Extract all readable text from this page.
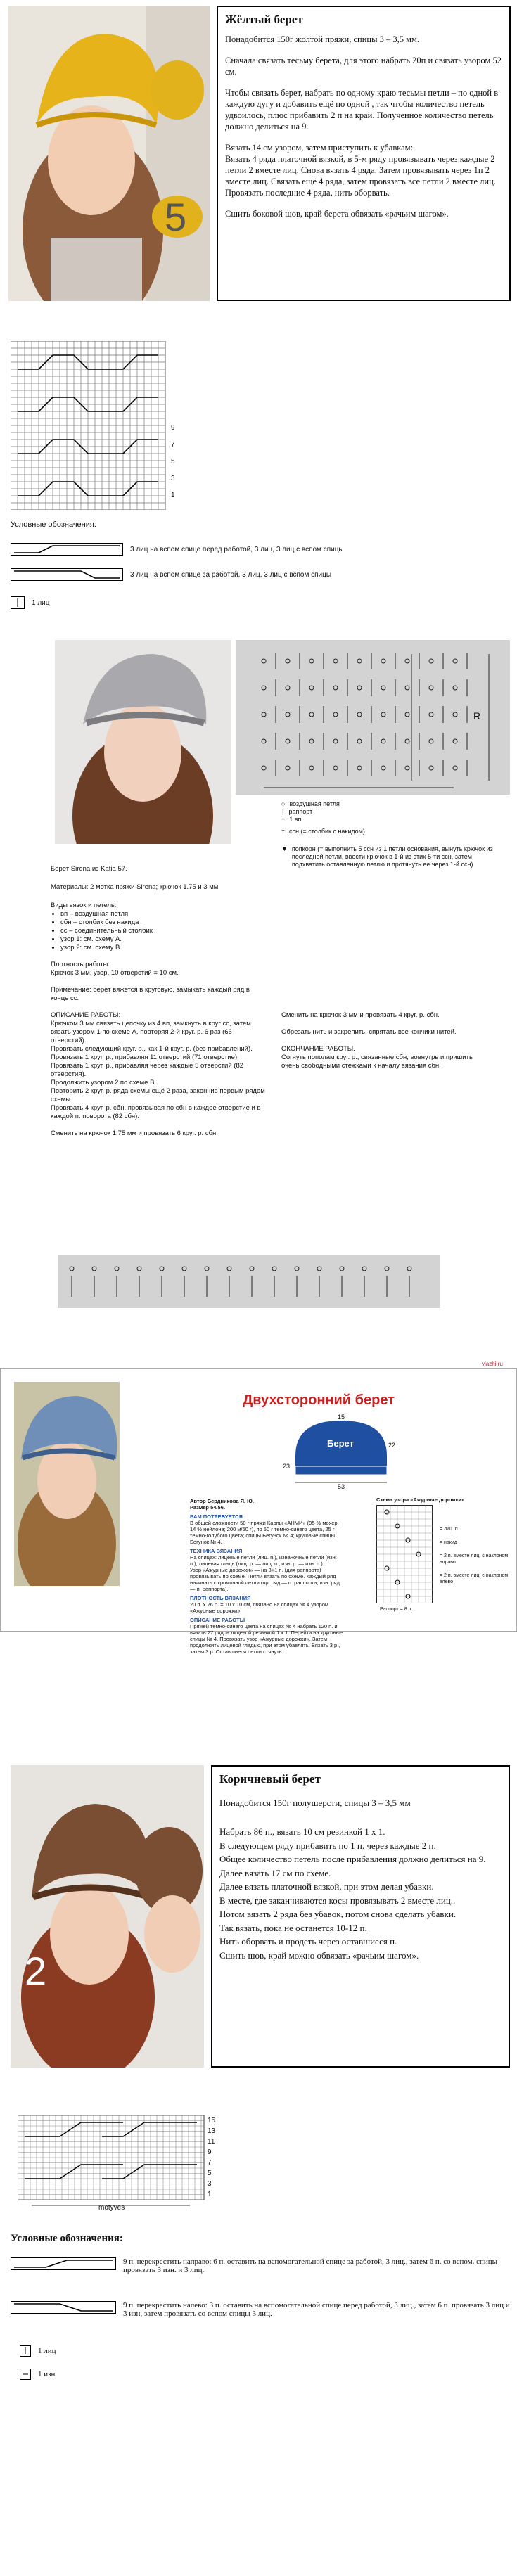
5
Жёлтый берет
Понадобится 150г жолтой пряжи, спицы 3 – 3,5 мм.
Сначала связать тесьму берета, для этого набрать 20п и связать узором 52 см.
Чтобы связать берет, набрать по одному краю тесьмы петли – по одной в каждую дугу и добавить ещё по одной , так чтобы количество петель удвоилось, плюс прибавить 2 п на край. Полученное количество петель должно делиться на 9.
Вязать 14 см узором, затем приступить к убавкам:
Вязать 4 ряда платочной вязкой, в 5-м ряду провязывать через каждые 2 петли 2 вместе лиц. Снова вязать 4 ряда. Затем провязывать через 1п 2 вместе лиц. Связать ещё 4 ряда, затем провязать все петли 2 вместе лиц. Провязать последние 4 ряда, нить оборвать.
Сшить боковой шов, край берета обвязать «рачьим шагом».
9
7
5
3
1
Условные обозначения:
3 лиц на вспом спице перед работой, 3 лиц, 3 лиц с вспом спицы
3 лиц на вспом спице за работой, 3 лиц, 3 лиц с вспом спицы
1 лиц
R
○ воздушная петля
∣ раппорт
+ 1 вп
† ссн (= столбик с накидом)
▼ попкорн (= выполнить 5 ссн из 1 петли основания, вынуть крючок из последней петли, ввести крючок в 1-й из этих 5-ти ссн, затем подхватить оставленную петлю и протянуть ее через 1-й ссн)
Берет Sirena из Katia 57.
Материалы: 2 мотка пряжи Sirena; крючок 1.75 и 3 мм.
Виды вязок и петель:
• вп – воздушная петля
• сбн – столбик без накида
• сс – соединительный столбик
• узор 1: см. схему А.
• узор 2: см. схему B.
Плотность работы:
Крючок 3 мм, узор, 10 отверстий = 10 см.
Примечание: берет вяжется в круговую, замыкать каждый ряд в конце сс.
ОПИСАНИЕ РАБОТЫ:
Крючком 3 мм связать цепочку из 4 вп, замкнуть в круг сс, затем вязать узором 1 по схеме A, повторяя 2-й круг. р. 6 раз (66 отверстий).
Провязать следующий круг. р., как 1-й круг. р. (без прибавлений).
Провязать 1 круг. р., прибавляя 11 отверстий (71 отверстие).
Провязать 1 круг. р., прибавляя через каждые 5 отверстий (82 отверстия).
Продолжить узором 2 по схеме B.
Повторить 2 круг. р. ряда схемы ещё 2 раза, закончив первым рядом схемы.
Провязать 4 круг. р. сбн, провязывая по сбн в каждое отверстие и в каждой п. поворота (82 сбн).
Сменить на крючок 1.75 мм и провязать 6 круг. р. сбн.
Сменить на крючок 3 мм и провязать 4 круг. р. сбн.
Обрезать нить и закрепить, спрятать все кончики нитей.
ОКОНЧАНИЕ РАБОТЫ.
Согнуть пополам круг. р., связанные сбн, вовнутрь и пришить очень свободными стежками к началу вязания сбн.
vjazhi.ru
Двухсторонний берет
Берет	22
23
53
15
Автор Бердникова Я. Ю.
Размер 54/56.
ВАМ ПОТРЕБУЕТСЯ
В общей сложности 50 г пряжи Карпы «АНМИ» (95 % мохер, 14 % нейлона; 200 м/50 г), по 50 г темно-синего цвета, 25 г темно-голубого цвета; спицы Бегунок № 4; круговые спицы Бегунок № 4.
ТЕХНИКА ВЯЗАНИЯ
На спицах: лицевые петли (лиц. п.), изнаночные петли (изн. п.), лицевая гладь (лиц. р. — лиц. п., изн. р. — изн. п.).
Узор «Ажурные дорожки» — на 8+1 п. (для раппорта) провязывать по схеме. Петли вязать по схеме. Каждый ряд начинать с кромочной петли (пр. ряд — п. раппорта, изн. ряд — п. раппорта).
ПЛОТНОСТЬ ВЯЗАНИЯ
20 п. х 26 р. = 10 х 10 см, связано на спицах № 4 узором «Ажурные дорожки».
ОПИСАНИЕ РАБОТЫ
Пряжей темно-синего цвета на спицах № 4 набрать 120 п. и вязать 27 рядов лицевой резинкой 1 х 1. Перейти на круговые спицы № 4. Провязать узор «Ажурные дорожки». Затем продолжить лицевой гладью, при этом убавлять. Вязать 3 р., затем 3 р. Оставшиеся петли стянуть.
Схема узора «Ажурные дорожки»
Раппорт = 8 п.
= лиц. п.
= накид
= 2 п. вместе лиц. с наклоном вправо
= 2 п. вместе лиц. с наклоном влево
2
Коричневый берет
Понадобится 150г полушерсти, спицы 3 – 3,5 мм
Набрать 86 п., вязать 10 см резинкой 1 х 1.
В следующем ряду прибавить по 1 п. через каждые 2 п.
Общее количество петель после прибавления должно делиться на 9.
Далее вязать 17 см по схеме.
Далее вязать платочной вязкой, при этом делая убавки.
В месте, где заканчиваются косы провязывать 2 вместе лиц..
Потом вязать 2 ряда без убавок, потом снова сделать убавки.
Так вязать, пока не останется 10-12 п.
Нить оборвать и продеть через оставшиеся п.
Сшить шов, край можно обвязать «рачьим шагом».
15
13
11
9
7
5
3
1
motyves
Условные обозначения:
9 п. перекрестить направо: 6 п. оставить на вспомогательной спице за работой, 3 лиц., затем 6 п. со вспом. спицы провязать 3 изн. и 3 лиц.
9 п. перекрестить налево: 3 п. оставить на вспомогательной спице перед работой, 3 лиц., затем 6 п. провязать 3 лиц и 3 изн, затем провязать со вспом спицы 3 лиц.
1 лиц
1 изн
